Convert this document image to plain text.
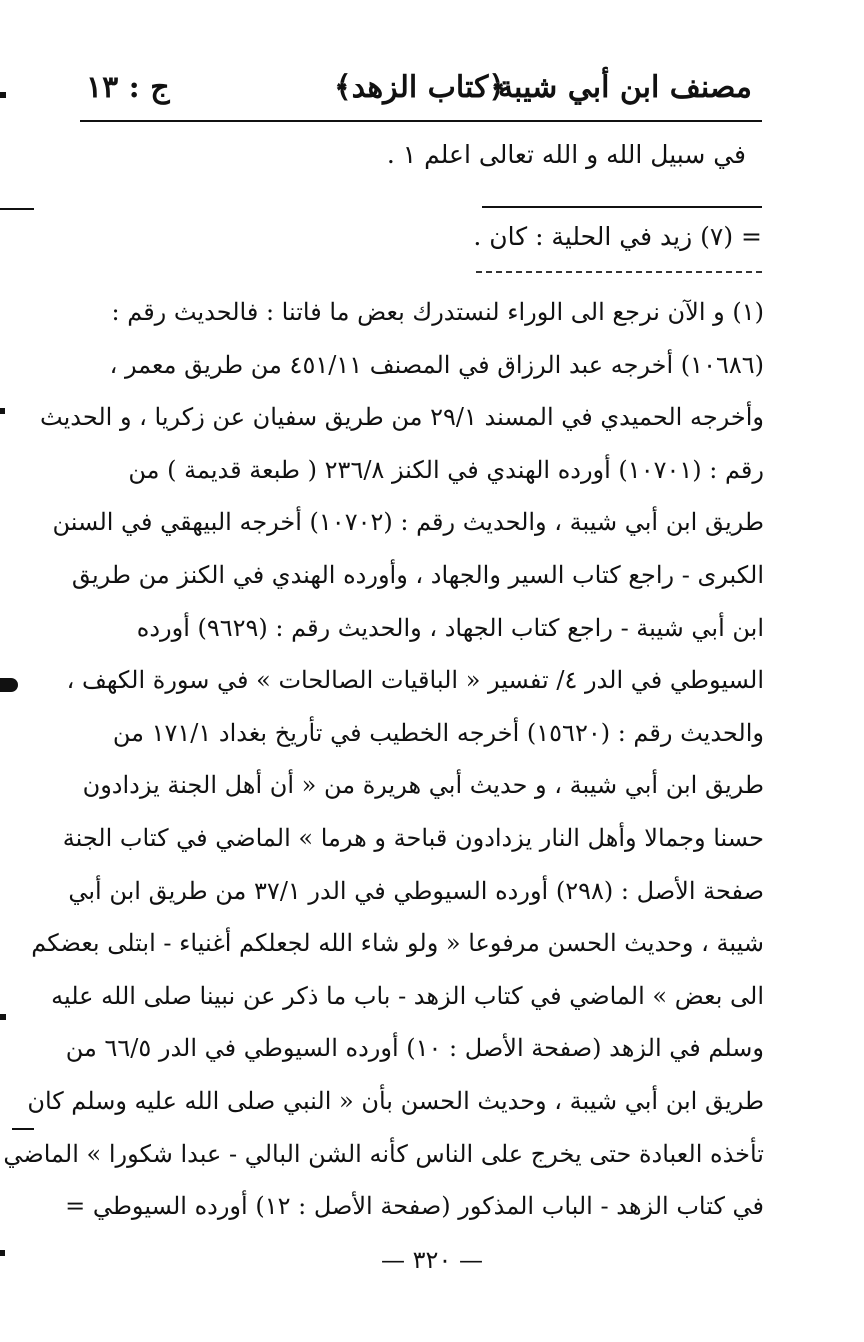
مصنف ابن أبي شيبة
﴿كتاب الزهد﴾
ج : ١٣
في سبيل الله و الله تعالى اعلم ١ .
= (٧) زيد في الحلية : كان .
(١) و الآن نرجع الى الوراء لنستدرك بعض ما فاتنا : فالحديث رقم :
(١٠٦٨٦) أخرجه عبد الرزاق في المصنف ٤٥١/١١ من طريق معمر ،
وأخرجه الحميدي في المسند ٢٩/١ من طريق سفيان عن زكريا ، و الحديث
رقم : (١٠٧٠١) أورده الهندي في الكنز ٢٣٦/٨ ( طبعة قديمة ) من
طريق ابن أبي شيبة ، والحديث رقم : (١٠٧٠٢) أخرجه البيهقي في السنن
الكبرى - راجع كتاب السير والجهاد ، وأورده الهندي في الكنز من طريق
ابن أبي شيبة - راجع كتاب الجهاد ، والحديث رقم : (٩٦٢٩) أورده
السيوطي في الدر ٤/ تفسير « الباقيات الصالحات » في سورة الكهف ،
والحديث رقم : (١٥٦٢٠) أخرجه الخطيب في تأريخ بغداد ١٧١/١ من
طريق ابن أبي شيبة ، و حديث أبي هريرة من « أن أهل الجنة يزدادون
حسنا وجمالا وأهل النار يزدادون قباحة و هرما » الماضي في كتاب الجنة
صفحة الأصل : (٢٩٨) أورده السيوطي في الدر ٣٧/١ من طريق ابن أبي
شيبة ، وحديث الحسن مرفوعا « ولو شاء الله لجعلكم أغنياء - ابتلى بعضكم
الى بعض » الماضي في كتاب الزهد - باب ما ذكر عن نبينا صلى الله عليه
وسلم في الزهد (صفحة الأصل : ١٠) أورده السيوطي في الدر ٦٦/٥ من
طريق ابن أبي شيبة ، وحديث الحسن بأن « النبي صلى الله عليه وسلم كان
تأخذه العبادة حتى يخرج على الناس كأنه الشن البالي - عبدا شكورا » الماضي
في كتاب الزهد - الباب المذكور (صفحة الأصل : ١٢) أورده السيوطي =
— ٣٢٠ —
